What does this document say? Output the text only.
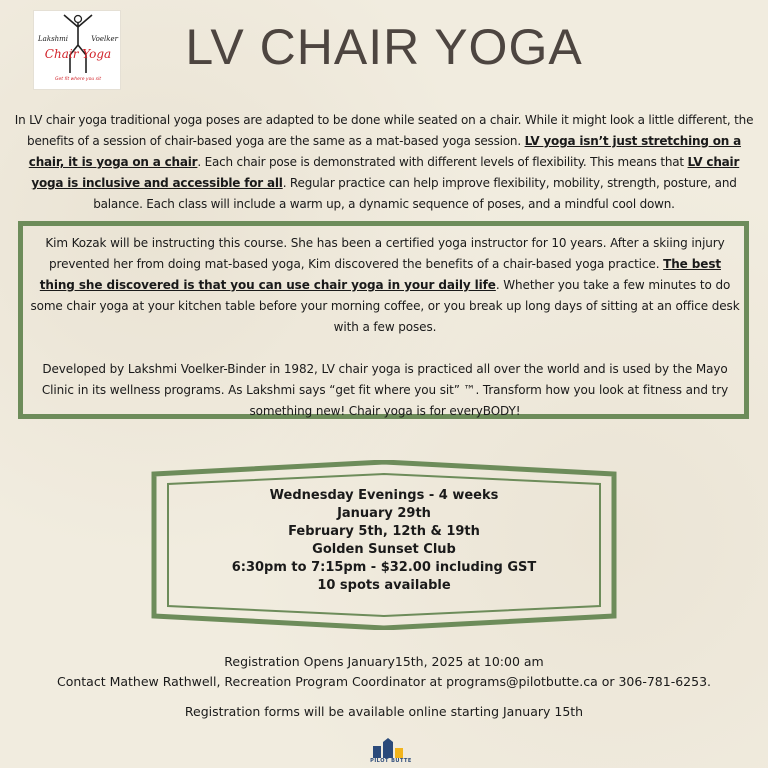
Lakshmi	Voelker
Chair Yoga
Get fit where you sit
LV CHAIR YOGA
In LV chair yoga traditional yoga poses are adapted to be done while seated on a chair. While it might look a little different, the benefits of a session of chair-based yoga are the same as a mat-based yoga session. LV yoga isn’t just stretching on a chair, it is yoga on a chair. Each chair pose is demonstrated with different levels of flexibility. This means that LV chair yoga is inclusive and accessible for all. Regular practice can help improve flexibility, mobility, strength, posture, and balance. Each class will include a warm up, a dynamic sequence of poses, and a mindful cool down.

Kim Kozak will be instructing this course. She has been a certified yoga instructor for 10 years. After a skiing injury prevented her from doing mat-based yoga, Kim discovered the benefits of a chair-based yoga practice. The best thing she discovered is that you can use chair yoga in your daily life. Whether you take a few minutes to do some chair yoga at your kitchen table before your morning coffee, or you break up long days of sitting at an office desk with a few poses.

Developed by Lakshmi Voelker-Binder in 1982, LV chair yoga is practiced all over the world and is used by the Mayo Clinic in its wellness programs. As Lakshmi says “get fit where you sit” ™. Transform how you look at fitness and try something new! Chair yoga is for everyBODY!

Wednesday Evenings - 4 weeks
January 29th
February 5th, 12th & 19th
Golden Sunset Club
6:30pm to 7:15pm - $32.00 including GST
10 spots available
Registration Opens January15th, 2025 at 10:00 am
Contact Mathew Rathwell, Recreation Program Coordinator at programs@pilotbutte.ca or 306-781-6253.
Registration forms will be available online starting January 15th
PILOT BUTTE
